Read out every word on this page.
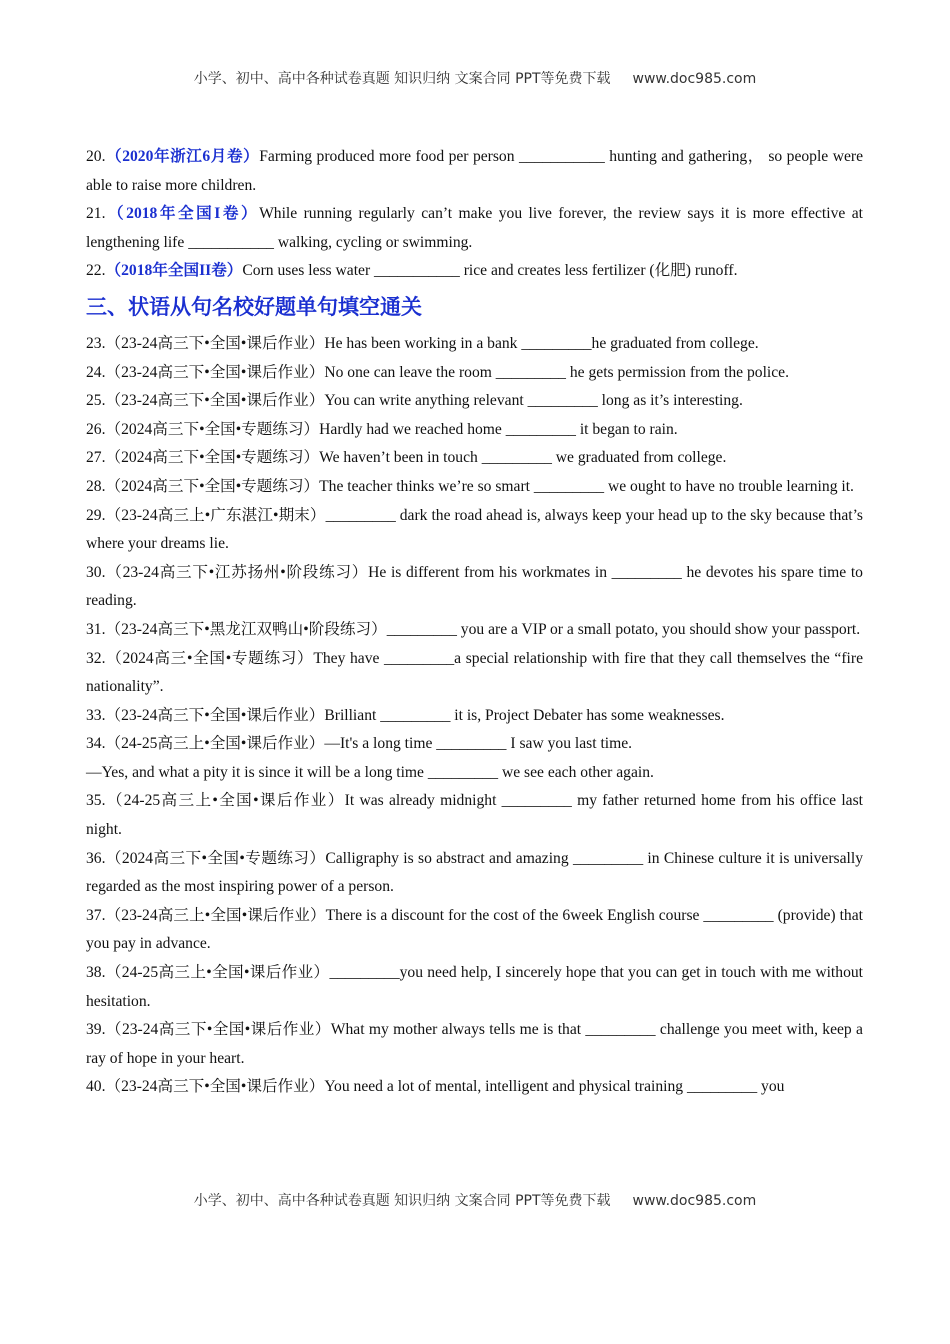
小学、初中、高中各种试卷真题 知识归纳 文案合同 PPT等免费下载 www.doc985.com

20.（2020年浙江6月卷）Farming produced more food per person ___________ hunting and gathering， so people were able to raise more children.

21.（2018年全国I卷）While running regularly can’t make you live forever, the review says it is more effective at lengthening life ___________ walking, cycling or swimming.

22.（2018年全国II卷）Corn uses less water ___________ rice and creates less fertilizer (化肥) runoff.

三、状语从句名校好题单句填空通关

23.（23-24高三下•全国•课后作业）He has been working in a bank _________he graduated from college.

24.（23-24高三下•全国•课后作业）No one can leave the room _________ he gets permission from the police.

25.（23-24高三下•全国•课后作业）You can write anything relevant _________ long as it’s interesting.

26.（2024高三下•全国•专题练习）Hardly had we reached home _________ it began to rain.

27.（2024高三下•全国•专题练习）We haven’t been in touch _________ we graduated from college.

28.（2024高三下•全国•专题练习）The teacher thinks we’re so smart _________ we ought to have no trouble learning it.

29.（23-24高三上•广东湛江•期末）_________ dark the road ahead is, always keep your head up to the sky because that’s where your dreams lie.

30.（23-24高三下•江苏扬州•阶段练习）He is different from his workmates in _________ he devotes his spare time to reading.

31.（23-24高三下•黑龙江双鸭山•阶段练习）_________ you are a VIP or a small potato, you should show your passport.

32.（2024高三•全国•专题练习）They have _________a special relationship with fire that they call themselves the “fire nationality”.

33.（23-24高三下•全国•课后作业）Brilliant _________ it is, Project Debater has some weaknesses.

34.（24-25高三上•全国•课后作业）—It's a long time _________ I saw you last time.

—Yes, and what a pity it is since it will be a long time _________ we see each other again.

35.（24-25高三上•全国•课后作业）It was already midnight _________ my father returned home from his office last night.

36.（2024高三下•全国•专题练习）Calligraphy is so abstract and amazing _________ in Chinese culture it is universally regarded as the most inspiring power of a person.

37.（23-24高三上•全国•课后作业）There is a discount for the cost of the 6week English course _________ (provide) that you pay in advance.

38.（24-25高三上•全国•课后作业）_________you need help, I sincerely hope that you can get in touch with me without hesitation.

39.（23-24高三下•全国•课后作业）What my mother always tells me is that _________ challenge you meet with, keep a ray of hope in your heart.

40.（23-24高三下•全国•课后作业）You need a lot of mental, intelligent and physical training _________ you

小学、初中、高中各种试卷真题 知识归纳 文案合同 PPT等免费下载 www.doc985.com
